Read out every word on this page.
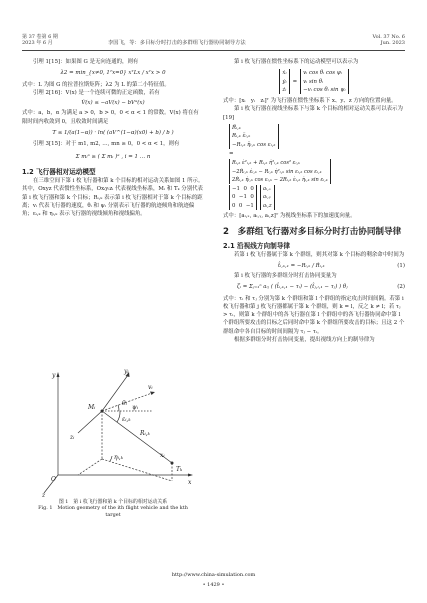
第 37 卷第 6 期
2023 年 6 月	李国飞，等：多目标分时打击的多群组飞行器协同制导方法
Vol. 37 No. 6
Jun. 2023

引理 1[15]：如果图 G 是无向连通的，则有

λ2 = min_{x≠0, 1ᵀx=0} xᵀLx / xᵀx > 0

式中：L 为图 G 的拉普拉斯矩阵；λ2 为 L 的第二小特征值。

引理 2[16]：V(x) 是一个连续可微的正定函数，若有

V̇(x) ≤ −aV(x) − bVᵅ(x)

式中：a，b，α 为满足 a > 0，b > 0，0 < α < 1 的常数。V(x) 将在有限时间内收敛到 0，且收敛时间满足

T ≤ 1/(a(1−α)) · ln( (aV^(1−α)(x0) + b) / b )

引理 3[15]：对于 m1, m2, …, mn ≥ 0，0 < α < 1，则有

Σ mᵢᵅ ≥ ( Σ mᵢ )ᵅ , i = 1 … n

1.2 飞行器相对运动模型

在三维空间下第 i 枚飞行器和第 k 个目标的相对运动关系如图 1 所示。其中，Oxyz 代表惯性坐标系，Oxᵢyᵢzᵢ 代表视线坐标系，Mᵢ 和 Tₖ 分别代表第 i 枚飞行器和第 k 个目标；Rᵢ,ₖ 表示第 i 枚飞行器相对于第 k 个目标的距离；vᵢ 代表飞行器的速度，θᵢ 和 ψᵢ 分别表示飞行器的航迹倾角和航迹偏角；εᵢ,ₖ 和 ηᵢ,ₖ 表示飞行器的视线倾角和视线偏角。

y
x
z
O
Mᵢ
Tₖ
vᵢ
Rᵢ,ₖ
yᵢ
zᵢ
xᵢ
εᵢ,ₖ
θᵢ
ψᵢ
ηᵢ,ₖ
图 1　第 i 枚飞行器和第 k 个目标的相对运动关系
Fig. 1　Motion geometry of the ith flight vehicle and the kth
target

第 i 枚飞行器在惯性坐标系下的运动模型可以表示为

ẋᵢ
ẏᵢ
żᵢ
=
vᵢ cos θᵢ cos ψᵢ
vᵢ sin θᵢ
−vᵢ cos θᵢ sin ψᵢ

式中：[xᵢ　yᵢ　zᵢ]ᵀ 为飞行器在惯性坐标系下 x、y、z 方向的位置向量。

第 i 枚飞行器在视线坐标系下与第 k 个目标的相对运动关系可以表示为[19]

R̈ᵢ,ₖ
Rᵢ,ₖ ε̈ᵢ,ₖ
−Rᵢ,ₖ η̈ᵢ,ₖ cos εᵢ,ₖ
=
Rᵢ,ₖ ε̇²ᵢ,ₖ + Rᵢ,ₖ η̇²ᵢ,ₖ cos² εᵢ,ₖ
−2Ṙᵢ,ₖ ε̇ᵢ,ₖ − Rᵢ,ₖ η̇²ᵢ,ₖ sin εᵢ,ₖ cos εᵢ,ₖ
2Ṙᵢ,ₖ η̇ᵢ,ₖ cos εᵢ,ₖ − 2Rᵢ,ₖ ε̇ᵢ,ₖ η̇ᵢ,ₖ sin εᵢ,ₖ
−1 0 0
0 −1 0
0 0 −1
aᵢ,ₓ
aᵢ,ᵧ
aᵢ,z

式中：[aᵢ,ₓ, aᵢ,ᵧ, aᵢ,z]ᵀ 为视线坐标系下的加速度向量。

2　多群组飞行器对多目标分时打击协同制导律

2.1 沿视线方向制导律

若第 i 枚飞行器属于第 k 个群组，则其对第 k 个目标的剩余命中时间为

t̂ᵢ,ₖ,₁ = −Rᵢ,ₖ / Ṙᵢ,ₖ	(1)

第 i 枚飞行器的多群组分时打击协同变量为

ζᵢ = Σⱼ₌₁ⁿ aᵢⱼ ( (t̂ᵢ,ₖ,₁ − τᵢ) − (t̂ⱼ,ₗ,₁ − τⱼ) ) θⱼ	(2)

式中：τᵢ 和 τⱼ 分别为第 k 个群组和第 l 个群组的指定攻击时间间隔。若第 i 枚飞行器和第 j 枚飞行器都属于第 k 个群组，则 k = l，反之 k ≠ l；若 τⱼ > τᵢ，则第 k 个群组中的各飞行器在第 l 个群组中的各飞行器协同命中第 l 个群组所要攻击的目标之后同时命中第 k 个群组所要攻击的目标；且这 2 个群组命中各自目标的时间间隔为 τⱼ − τᵢ。

根据多群组分时打击协同变量，提出视线方向上的制导律为

http://www.china-simulation.com
• 1429 •
